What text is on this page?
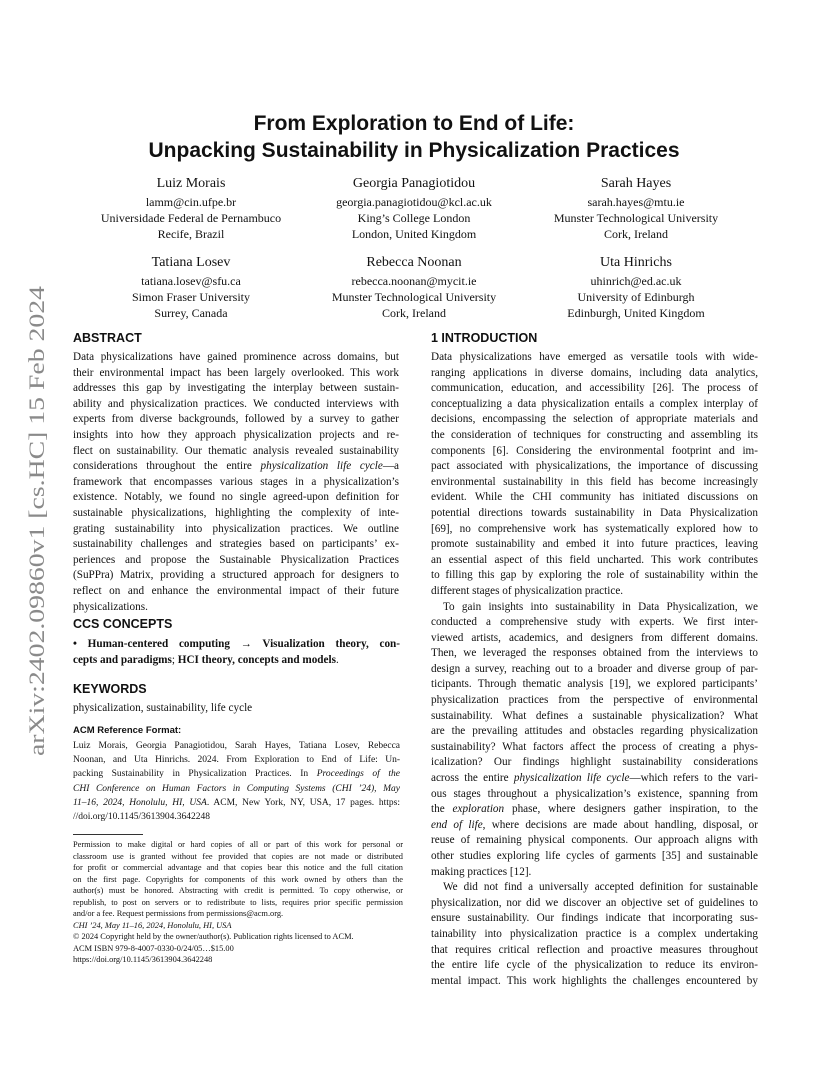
arXiv:2402.09860v1 [cs.HC] 15 Feb 2024
From Exploration to End of Life:
Unpacking Sustainability in Physicalization Practices
Luiz Morais
lamm@cin.ufpe.br
Universidade Federal de Pernambuco
Recife, Brazil
Georgia Panagiotidou
georgia.panagiotidou@kcl.ac.uk
King’s College London
London, United Kingdom
Sarah Hayes
sarah.hayes@mtu.ie
Munster Technological University
Cork, Ireland
Tatiana Losev
tatiana.losev@sfu.ca
Simon Fraser University
Surrey, Canada
Rebecca Noonan
rebecca.noonan@mycit.ie
Munster Technological University
Cork, Ireland
Uta Hinrichs
uhinrich@ed.ac.uk
University of Edinburgh
Edinburgh, United Kingdom
ABSTRACT
Data physicalizations have gained prominence across domains, but
their environmental impact has been largely overlooked. This work
addresses this gap by investigating the interplay between sustain-
ability and physicalization practices. We conducted interviews with
experts from diverse backgrounds, followed by a survey to gather
insights into how they approach physicalization projects and re-
flect on sustainability. Our thematic analysis revealed sustainability
considerations throughout the entire physicalization life cycle—a
framework that encompasses various stages in a physicalization’s
existence. Notably, we found no single agreed-upon definition for
sustainable physicalizations, highlighting the complexity of inte-
grating sustainability into physicalization practices. We outline
sustainability challenges and strategies based on participants’ ex-
periences and propose the Sustainable Physicalization Practices
(SuPPra) Matrix, providing a structured approach for designers to
reflect on and enhance the environmental impact of their future
physicalizations.
CCS CONCEPTS
• Human-centered computing → Visualization theory, con-
cepts and paradigms; HCI theory, concepts and models.
KEYWORDS
physicalization, sustainability, life cycle
ACM Reference Format:
Luiz Morais, Georgia Panagiotidou, Sarah Hayes, Tatiana Losev, Rebecca
Noonan, and Uta Hinrichs. 2024. From Exploration to End of Life: Un-
packing Sustainability in Physicalization Practices. In Proceedings of the
CHI Conference on Human Factors in Computing Systems (CHI ’24), May
11–16, 2024, Honolulu, HI, USA. ACM, New York, NY, USA, 17 pages. https:
//doi.org/10.1145/3613904.3642248
Permission to make digital or hard copies of all or part of this work for personal or
classroom use is granted without fee provided that copies are not made or distributed
for profit or commercial advantage and that copies bear this notice and the full citation
on the first page. Copyrights for components of this work owned by others than the
author(s) must be honored. Abstracting with credit is permitted. To copy otherwise, or
republish, to post on servers or to redistribute to lists, requires prior specific permission
and/or a fee. Request permissions from permissions@acm.org.
CHI ’24, May 11–16, 2024, Honolulu, HI, USA
© 2024 Copyright held by the owner/author(s). Publication rights licensed to ACM.
ACM ISBN 979-8-4007-0330-0/24/05…$15.00
https://doi.org/10.1145/3613904.3642248
1 INTRODUCTION
Data physicalizations have emerged as versatile tools with wide-
ranging applications in diverse domains, including data analytics,
communication, education, and accessibility [26]. The process of
conceptualizing a data physicalization entails a complex interplay of
decisions, encompassing the selection of appropriate materials and
the consideration of techniques for constructing and assembling its
components [6]. Considering the environmental footprint and im-
pact associated with physicalizations, the importance of discussing
environmental sustainability in this field has become increasingly
evident. While the CHI community has initiated discussions on
potential directions towards sustainability in Data Physicalization
[69], no comprehensive work has systematically explored how to
promote sustainability and embed it into future practices, leaving
an essential aspect of this field uncharted. This work contributes
to filling this gap by exploring the role of sustainability within the
different stages of physicalization practice.
To gain insights into sustainability in Data Physicalization, we
conducted a comprehensive study with experts. We first inter-
viewed artists, academics, and designers from different domains.
Then, we leveraged the responses obtained from the interviews to
design a survey, reaching out to a broader and diverse group of par-
ticipants. Through thematic analysis [19], we explored participants’
physicalization practices from the perspective of environmental
sustainability. What defines a sustainable physicalization? What
are the prevailing attitudes and obstacles regarding physicalization
sustainability? What factors affect the process of creating a phys-
icalization? Our findings highlight sustainability considerations
across the entire physicalization life cycle—which refers to the vari-
ous stages throughout a physicalization’s existence, spanning from
the exploration phase, where designers gather inspiration, to the
end of life, where decisions are made about handling, disposal, or
reuse of remaining physical components. Our approach aligns with
other studies exploring life cycles of garments [35] and sustainable
making practices [12].
We did not find a universally accepted definition for sustainable
physicalization, nor did we discover an objective set of guidelines to
ensure sustainability. Our findings indicate that incorporating sus-
tainability into physicalization practice is a complex undertaking
that requires critical reflection and proactive measures throughout
the entire life cycle of the physicalization to reduce its environ-
mental impact. This work highlights the challenges encountered by
